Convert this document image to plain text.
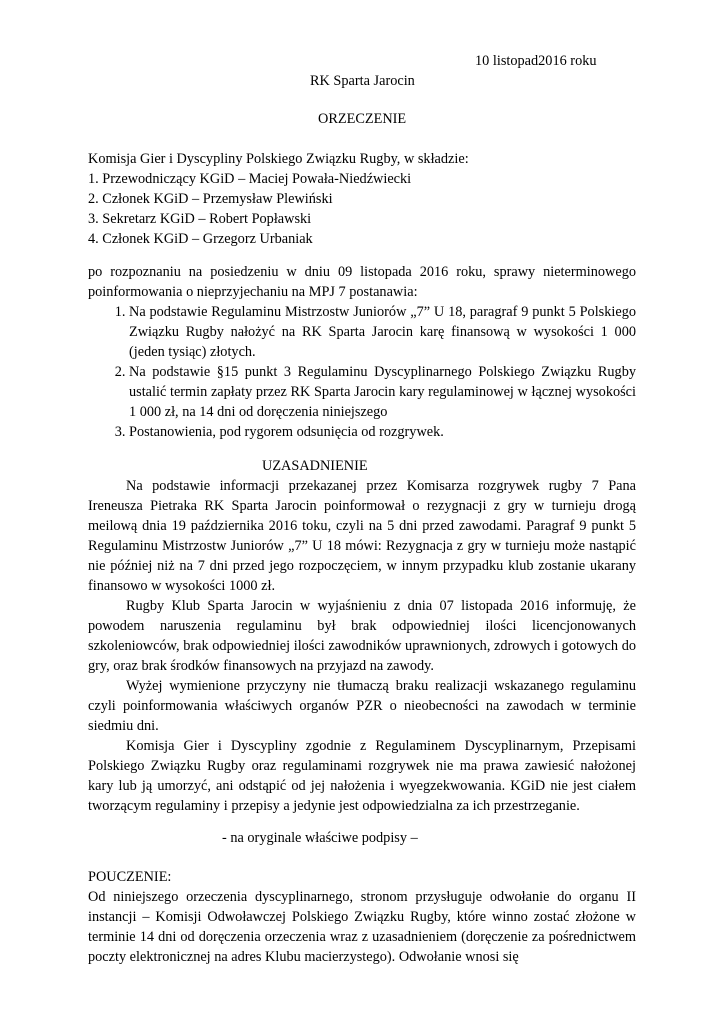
10 listopad2016 roku
RK Sparta Jarocin
ORZECZENIE
Komisja Gier i Dyscypliny Polskiego Związku Rugby, w składzie:
1. Przewodniczący KGiD – Maciej Powała-Niedźwiecki
2. Członek KGiD – Przemysław Plewiński
3. Sekretarz KGiD – Robert Popławski
4. Członek KGiD – Grzegorz Urbaniak

po rozpoznaniu na posiedzeniu w dniu 09 listopada 2016 roku, sprawy nieterminowego poinformowania o nieprzyjechaniu na MPJ 7 postanawia:

1. Na podstawie Regulaminu Mistrzostw Juniorów „7” U 18, paragraf 9 punkt 5 Polskiego Związku Rugby nałożyć na RK Sparta Jarocin karę finansową w wysokości 1 000 (jeden tysiąc) złotych.
2. Na podstawie §15 punkt 3 Regulaminu Dyscyplinarnego Polskiego Związku Rugby ustalić termin zapłaty przez RK Sparta Jarocin kary regulaminowej w łącznej wysokości 1 000 zł, na 14 dni od doręczenia niniejszego
3. Postanowienia, pod rygorem odsunięcia od rozgrywek.
UZASADNIENIE

Na podstawie informacji przekazanej przez Komisarza rozgrywek rugby 7 Pana Ireneusza Pietraka RK Sparta Jarocin poinformował o rezygnacji z gry w turnieju drogą meilową dnia 19 października 2016 toku, czyli na 5 dni przed zawodami. Paragraf 9 punkt 5 Regulaminu Mistrzostw Juniorów „7” U 18 mówi: Rezygnacja z gry w turnieju może nastąpić nie później niż na 7 dni przed jego rozpoczęciem, w innym przypadku klub zostanie ukarany finansowo w wysokości 1000 zł.

Rugby Klub Sparta Jarocin w wyjaśnieniu z dnia 07 listopada 2016 informuję, że powodem naruszenia regulaminu był brak odpowiedniej ilości licencjonowanych szkoleniowców, brak odpowiedniej ilości zawodników uprawnionych, zdrowych i gotowych do gry, oraz brak środków finansowych na przyjazd na zawody.

Wyżej wymienione przyczyny nie tłumaczą braku realizacji wskazanego regulaminu czyli poinformowania właściwych organów PZR o nieobecności na zawodach w terminie siedmiu dni.

Komisja Gier i Dyscypliny zgodnie z Regulaminem Dyscyplinarnym, Przepisami Polskiego Związku Rugby oraz regulaminami rozgrywek nie ma prawa zawiesić nałożonej kary lub ją umorzyć, ani odstąpić od jej nałożenia i wyegzekwowania. KGiD nie jest ciałem tworzącym regulaminy i przepisy a jedynie jest odpowiedzialna za ich przestrzeganie.

- na oryginale właściwe podpisy –
POUCZENIE:

Od niniejszego orzeczenia dyscyplinarnego, stronom przysługuje odwołanie do organu II instancji – Komisji Odwoławczej Polskiego Związku Rugby, które winno zostać złożone w terminie 14 dni od doręczenia orzeczenia wraz z uzasadnieniem (doręczenie za pośrednictwem poczty elektronicznej na adres Klubu macierzystego). Odwołanie wnosi się
